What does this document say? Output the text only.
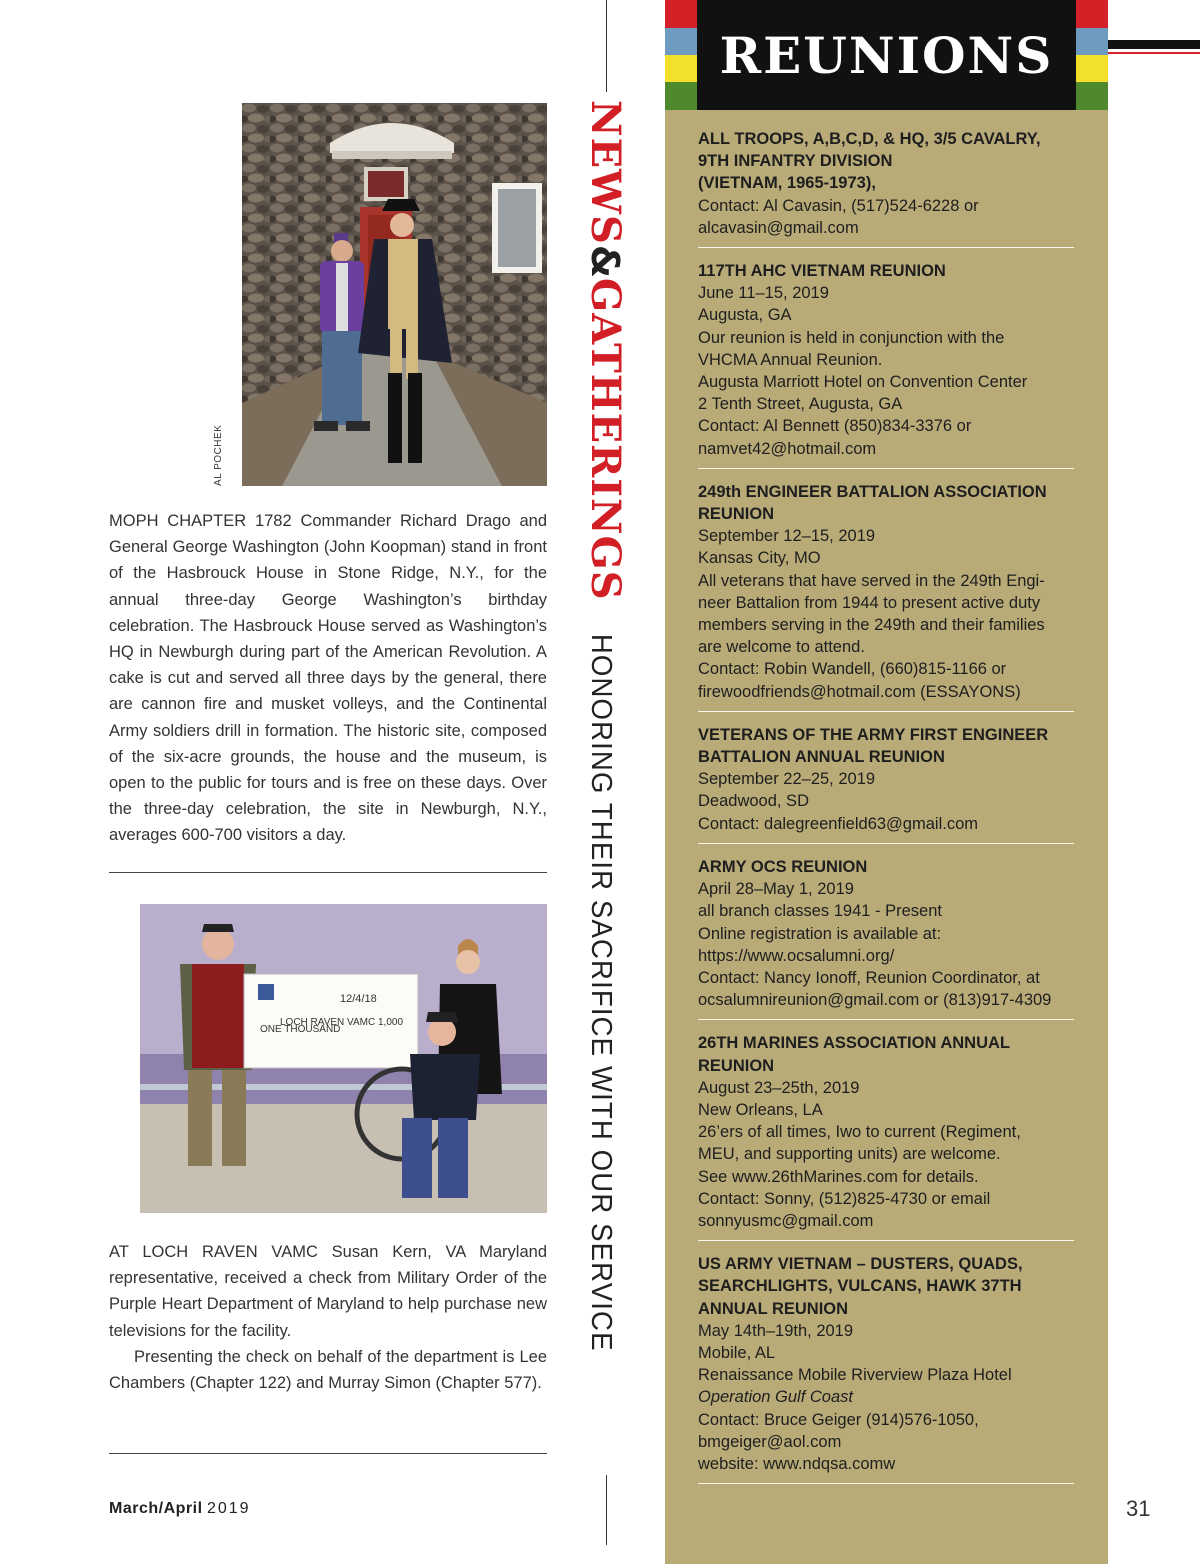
AL POCHEK

MOPH CHAPTER 1782 Commander Richard Drago and General George Washington (John Koopman) stand in front of the Hasbrouck House in Stone Ridge, N.Y., for the annual three-day George Washington’s birthday celebration. The Hasbrouck House served as Washington’s HQ in Newburgh during part of the American Revolution. A cake is cut and served all three days by the general, there are cannon fire and musket volleys, and the Continental Army soldiers drill in formation. The historic site, composed of the six-acre grounds, the house and the museum, is open to the public for tours and is free on these days. Over the three-day celebration, the site in Newburgh, N.Y., averages 600-700 visitors a day.

12/4/18
LOCH RAVEN VAMC 1,000
ONE THOUSAND

AT LOCH RAVEN VAMC Susan Kern, VA Maryland representative, received a check from Military Order of the Purple Heart Department of Maryland to help purchase new televisions for the facility.

Presenting the check on behalf of the department is Lee Chambers (Chapter 122) and Murray Simon (Chapter 577).

March/April 2019
NEWS&GATHERINGSHONORING THEIR SACRIFICE WITH OUR SERVICE
REUNIONS
ALL TROOPS, A,B,C,D, & HQ, 3/5 CAVALRY,
9TH INFANTRY DIVISION
(VIETNAM, 1965-1973),
Contact: Al Cavasin, (517)524-6228 or
alcavasin@gmail.com
117TH AHC VIETNAM REUNION
June 11–15, 2019
Augusta, GA
Our reunion is held in conjunction with the
VHCMA Annual Reunion.
Augusta Marriott Hotel on Convention Center
2 Tenth Street, Augusta, GA
Contact: Al Bennett (850)834-3376 or
namvet42@hotmail.com
249th ENGINEER BATTALION ASSOCIATION
REUNION
September 12–15, 2019
Kansas City, MO
All veterans that have served in the 249th Engi-
neer Battalion from 1944 to present active duty
members serving in the 249th and their families
are welcome to attend.
Contact: Robin Wandell, (660)815-1166 or
firewoodfriends@hotmail.com (ESSAYONS)
VETERANS OF THE ARMY FIRST ENGINEER
BATTALION ANNUAL REUNION
September 22–25, 2019
Deadwood, SD
Contact: dalegreenfield63@gmail.com
ARMY OCS REUNION
April 28–May 1, 2019
all branch classes 1941 - Present
Online registration is available at:
https://www.ocsalumni.org/
Contact: Nancy Ionoff, Reunion Coordinator, at
ocsalumnireunion@gmail.com or (813)917-4309
26TH MARINES ASSOCIATION ANNUAL
REUNION
August 23–25th, 2019
New Orleans, LA
26’ers of all times, Iwo to current (Regiment,
MEU, and supporting units) are welcome.
See www.26thMarines.com for details.
Contact: Sonny, (512)825-4730 or email
sonnyusmc@gmail.com
US ARMY VIETNAM – DUSTERS, QUADS,
SEARCHLIGHTS, VULCANS, HAWK 37TH
ANNUAL REUNION
May 14th–19th, 2019
Mobile, AL
Renaissance Mobile Riverview Plaza Hotel
Operation Gulf Coast
Contact: Bruce Geiger (914)576-1050,
bmgeiger@aol.com
website: www.ndqsa.comw
31
